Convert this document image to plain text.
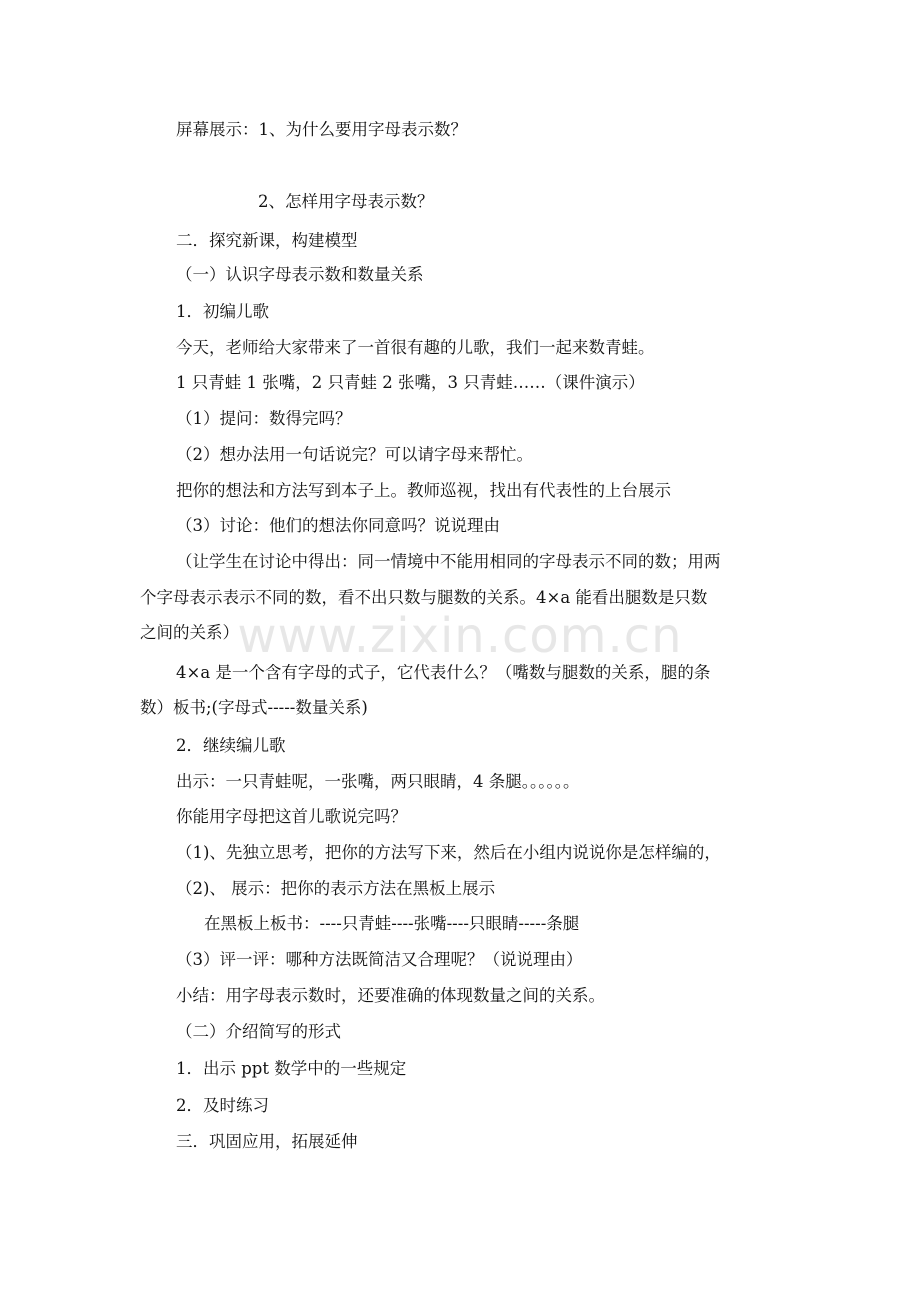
屏幕展示：1、为什么要用字母表示数？
2、怎样用字母表示数？
二．探究新课，构建模型
（一）认识字母表示数和数量关系
1．初编儿歌
今天，老师给大家带来了一首很有趣的儿歌，我们一起来数青蛙。
1 只青蛙 1 张嘴，2 只青蛙 2 张嘴，3 只青蛙……（课件演示）
（1）提问：数得完吗？
（2）想办法用一句话说完？可以请字母来帮忙。
把你的想法和方法写到本子上。教师巡视，找出有代表性的上台展示
（3）讨论：他们的想法你同意吗？说说理由
（让学生在讨论中得出：同一情境中不能用相同的字母表示不同的数；用两
个字母表示表示不同的数，看不出只数与腿数的关系。4×a 能看出腿数是只数
之间的关系）
4×a 是一个含有字母的式子，它代表什么？（嘴数与腿数的关系，腿的条
数）板书;(字母式-----数量关系)
2．继续编儿歌
出示：一只青蛙呢，一张嘴，两只眼睛，4 条腿。。。。。。
你能用字母把这首儿歌说完吗？
（1)、先独立思考，把你的方法写下来，然后在小组内说说你是怎样编的，
（2)、 展示：把你的表示方法在黑板上展示
在黑板上板书：----只青蛙----张嘴----只眼睛-----条腿
（3）评一评：哪种方法既简洁又合理呢？（说说理由）
小结：用字母表示数时，还要准确的体现数量之间的关系。
（二）介绍简写的形式
1．出示 ppt 数学中的一些规定
2．及时练习
三．巩固应用，拓展延伸
www.zixin.com.cn
